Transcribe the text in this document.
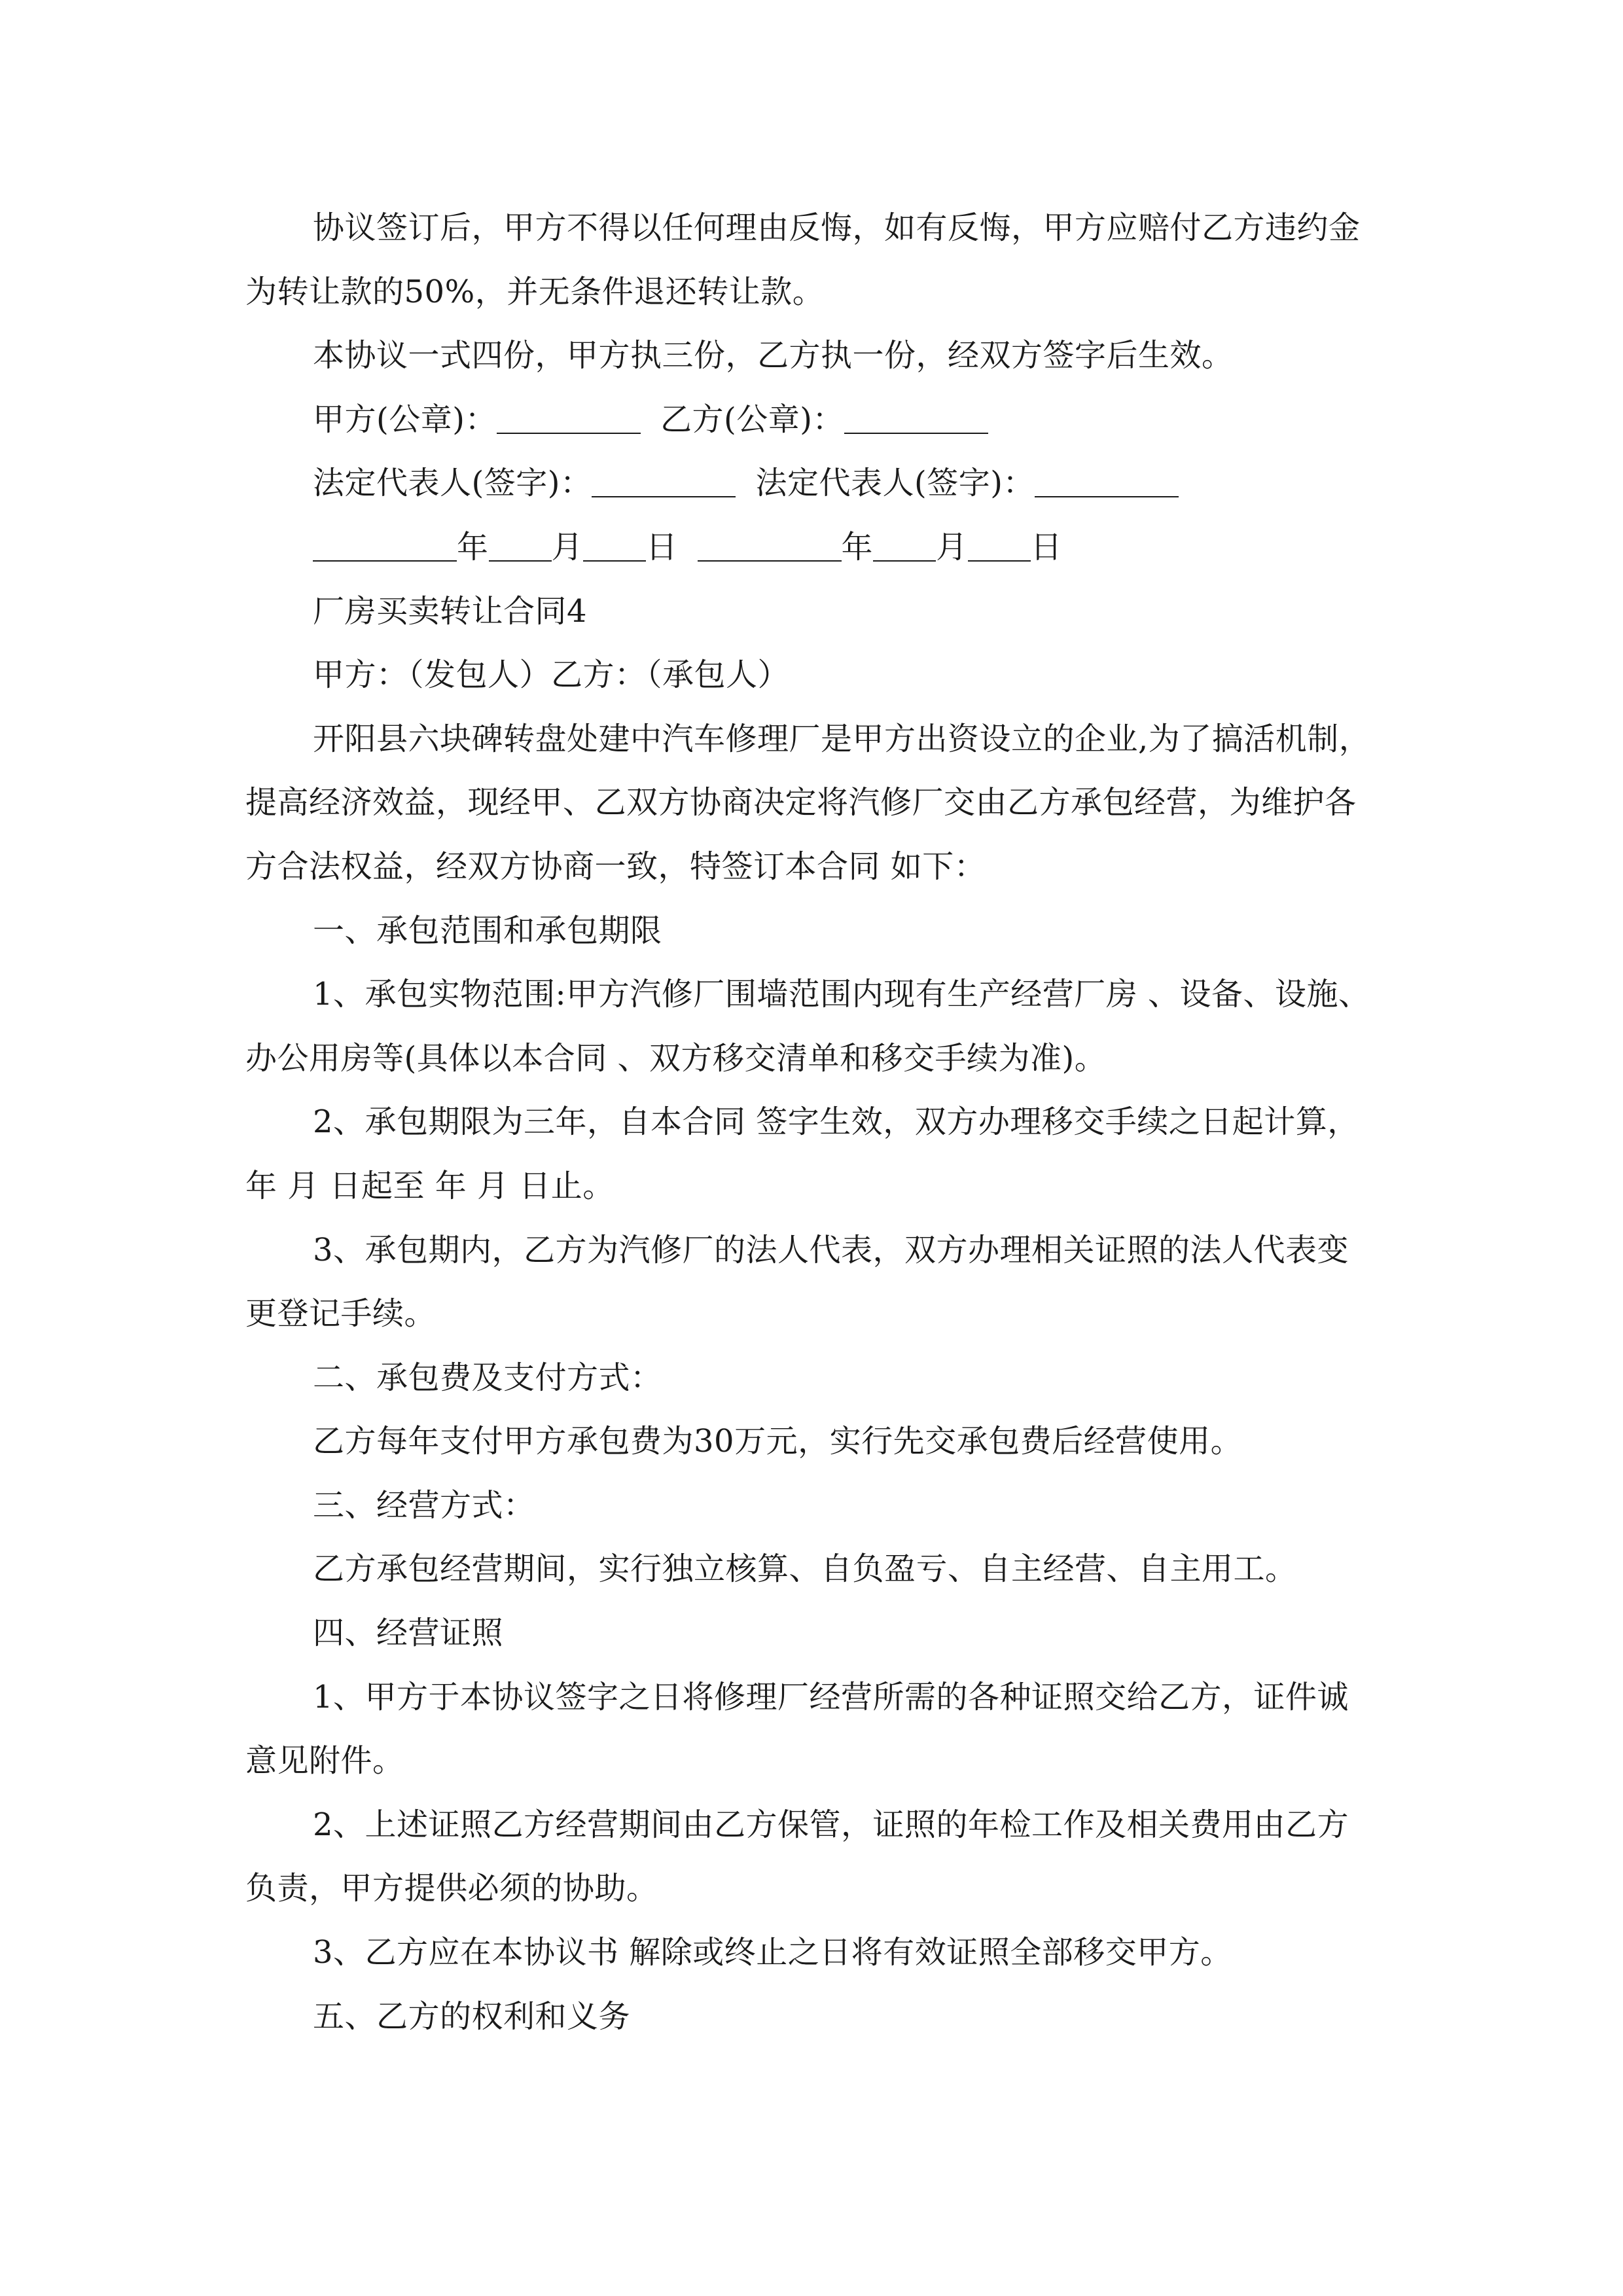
协议签订后，甲方不得以任何理由反悔，如有反悔，甲方应赔付乙方违约金
为转让款的50%，并无条件退还转让款。
本协议一式四份，甲方执三份，乙方执一份，经双方签字后生效。
甲方(公章)：	乙方(公章)：
法定代表人(签字)：	法定代表人(签字)：
年 月 日	年 月 日
厂房买卖转让合同4
甲方：（发包人）乙方：（承包人）
开阳县六块碑转盘处建中汽车修理厂是甲方出资设立的企业,为了搞活机制，
提高经济效益，现经甲、乙双方协商决定将汽修厂交由乙方承包经营，为维护各
方合法权益，经双方协商一致，特签订本合同 如下：
一、承包范围和承包期限
1、承包实物范围:甲方汽修厂围墙范围内现有生产经营厂房 、设备、设施、
办公用房等(具体以本合同 、双方移交清单和移交手续为准)。
2、承包期限为三年，自本合同 签字生效，双方办理移交手续之日起计算，
年 月 日起至 年 月 日止。
3、承包期内，乙方为汽修厂的法人代表，双方办理相关证照的法人代表变
更登记手续。
二、承包费及支付方式：
乙方每年支付甲方承包费为30万元，实行先交承包费后经营使用。
三、经营方式：
乙方承包经营期间，实行独立核算、自负盈亏、自主经营、自主用工。
四、经营证照
1、甲方于本协议签字之日将修理厂经营所需的各种证照交给乙方，证件诚
意见附件。
2、上述证照乙方经营期间由乙方保管，证照的年检工作及相关费用由乙方
负责，甲方提供必须的协助。
3、乙方应在本协议书 解除或终止之日将有效证照全部移交甲方。
五、乙方的权利和义务
